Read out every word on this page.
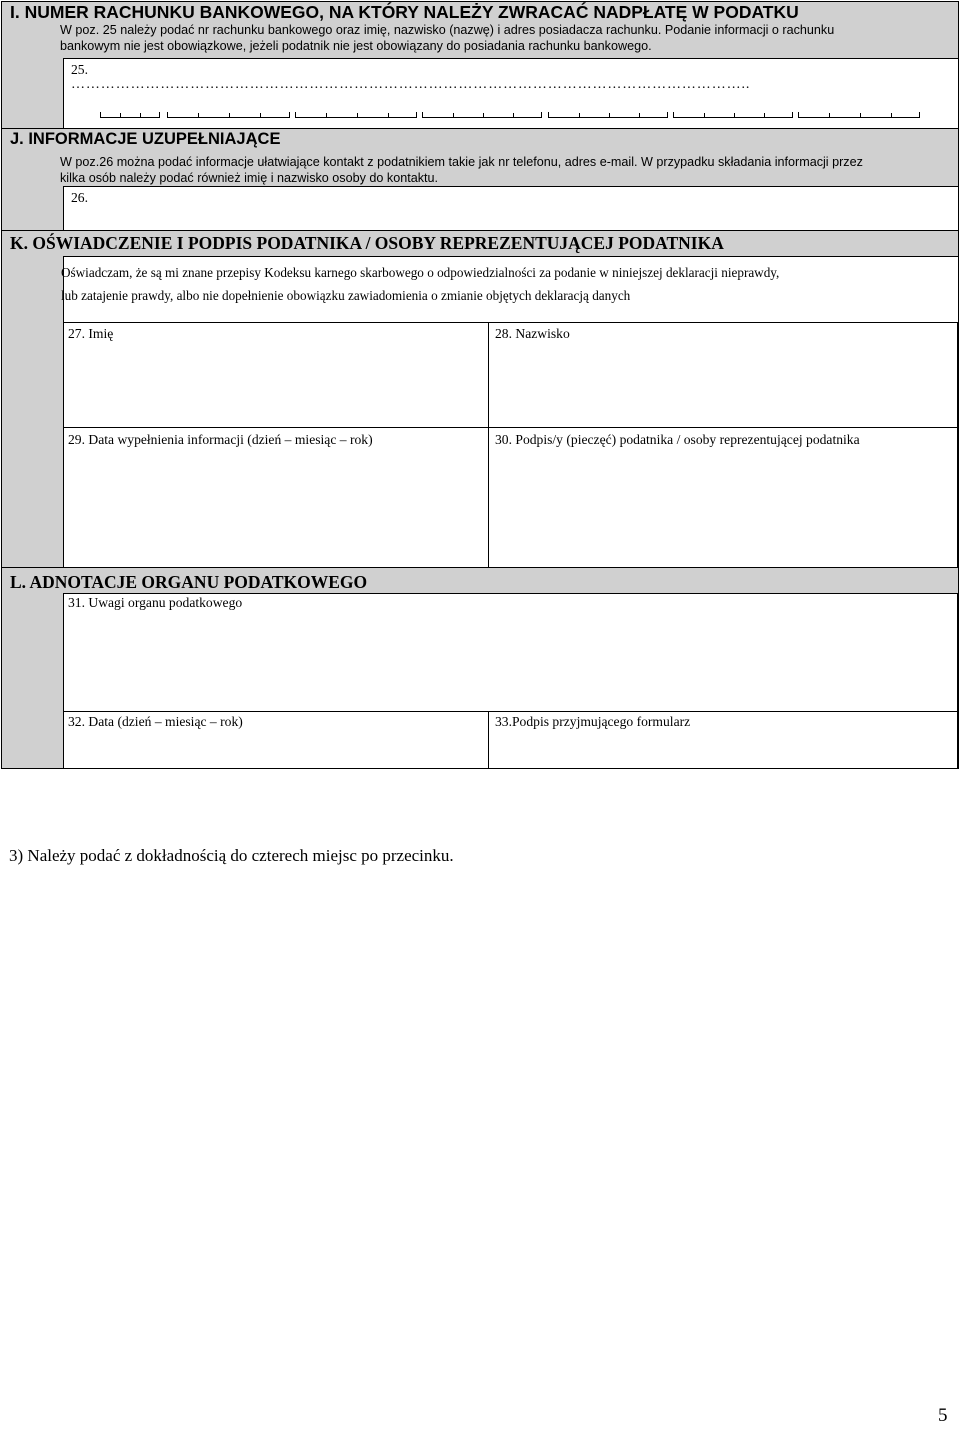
I. NUMER RACHUNKU BANKOWEGO, NA KTÓRY NALEŻY ZWRACAĆ NADPŁATĘ W PODATKU
W poz. 25 należy podać nr rachunku bankowego oraz imię, nazwisko (nazwę) i adres posiadacza rachunku. Podanie informacji o rachunku
bankowym nie jest obowiązkowe, jeżeli podatnik nie jest obowiązany do posiadania rachunku bankowego.
25.
………………………………………………………………………………………………………………………..
J. INFORMACJE UZUPEŁNIAJĄCE
W poz.26 można podać informacje ułatwiające kontakt z podatnikiem takie jak nr telefonu, adres e-mail. W przypadku składania informacji przez
kilka osób należy podać również imię i nazwisko osoby do kontaktu.
26.
K. OŚWIADCZENIE I PODPIS PODATNIKA / OSOBY REPREZENTUJĄCEJ PODATNIKA
Oświadczam, że są mi znane przepisy Kodeksu karnego skarbowego o odpowiedzialności za podanie w niniejszej deklaracji nieprawdy,
lub zatajenie prawdy, albo nie dopełnienie obowiązku zawiadomienia o zmianie objętych deklaracją danych
27. Imię	28. Nazwisko
29. Data wypełnienia informacji (dzień – miesiąc – rok)	30. Podpis/y (pieczęć) podatnika / osoby reprezentującej podatnika
L. ADNOTACJE ORGANU PODATKOWEGO
31. Uwagi organu podatkowego
32. Data (dzień – miesiąc – rok)	33.Podpis przyjmującego formularz
3) Należy podać z dokładnością do czterech miejsc po przecinku.
5
